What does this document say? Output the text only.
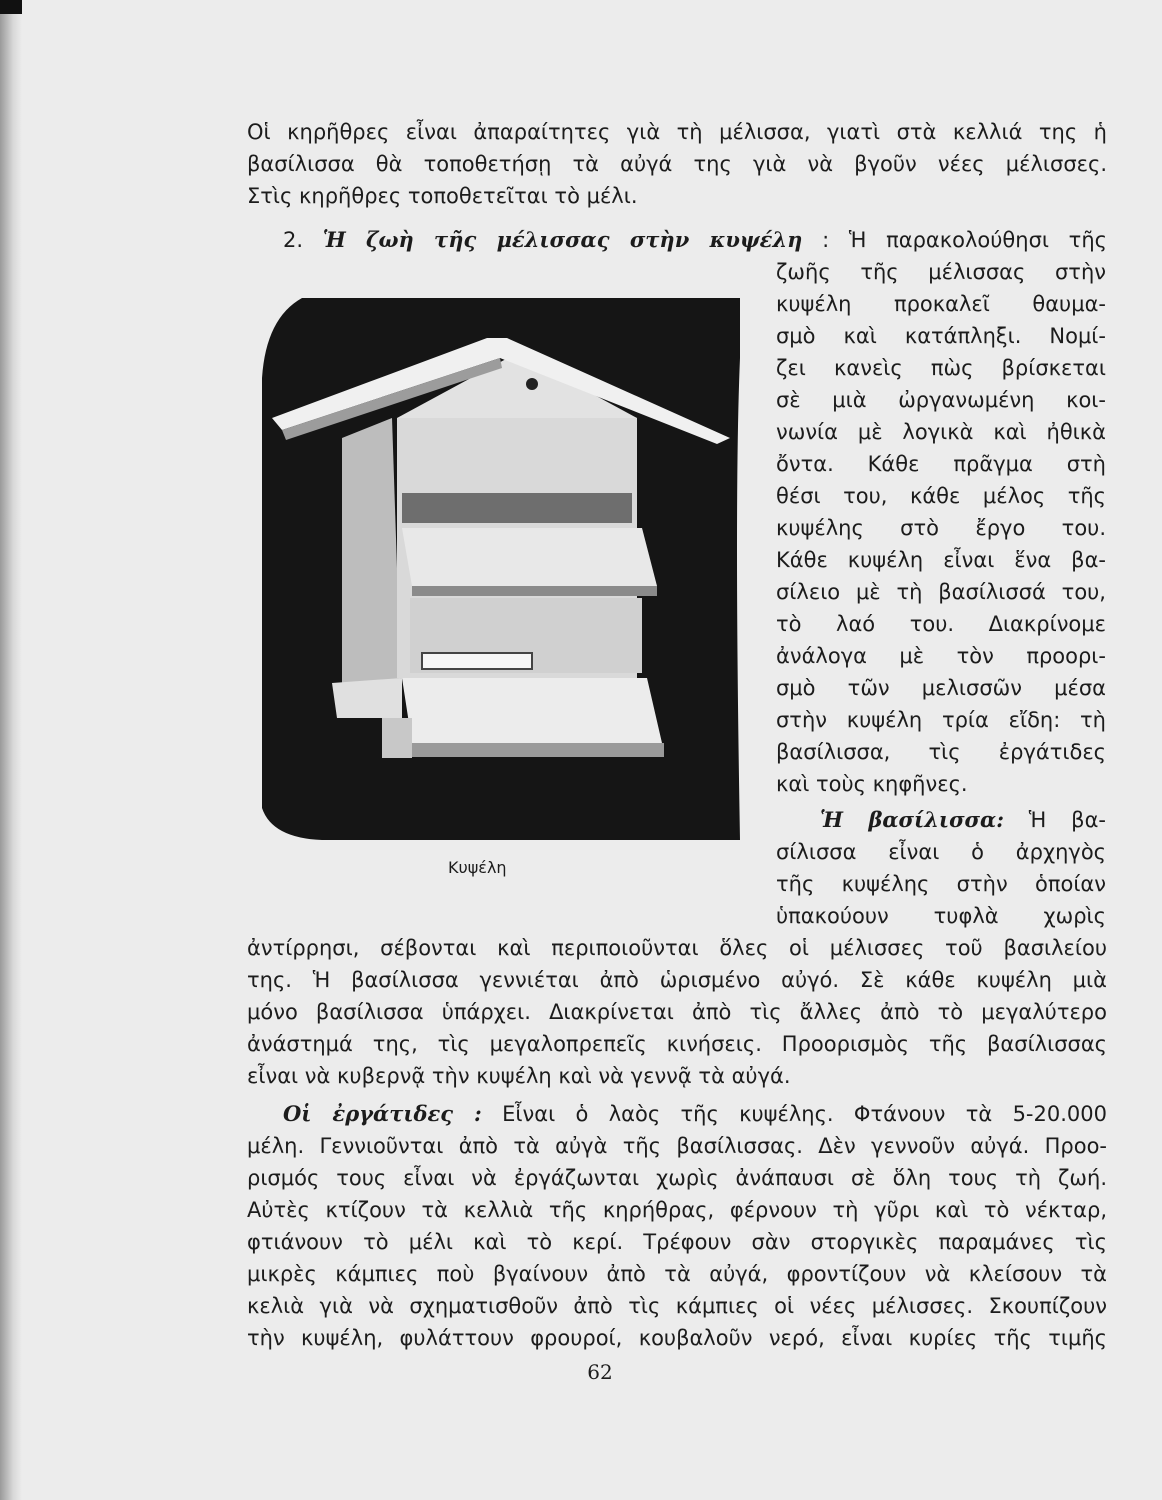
Οἱ κηρῆθρες εἶναι ἀπαραίτητες γιὰ τὴ μέλισσα, γιατὶ στὰ κελλιά της ἡ
βασίλισσα θὰ τοποθετήσῃ τὰ αὐγά της γιὰ νὰ βγοῦν νέες μέλισσες.
Στὶς κηρῆθρες τοποθετεῖται τὸ μέλι.
2. Ἡ ζωὴ τῆς μέλισσας στὴν κυψέλη : Ἡ παρακολούθησι τῆς
ζωῆς τῆς μέλισσας στὴν
κυψέλη προκαλεῖ θαυμα-
σμὸ καὶ κατάπληξι. Νομί-
ζει κανεὶς πὼς βρίσκεται
σὲ μιὰ ὠργανωμένη κοι-
νωνία μὲ λογικὰ καὶ ἠθικὰ
ὄντα. Κάθε πρᾶγμα στὴ
θέσι του, κάθε μέλος τῆς
κυψέλης στὸ ἔργο του.
Κάθε κυψέλη εἶναι ἕνα βα-
σίλειο μὲ τὴ βασίλισσά του,
τὸ λαό του. Διακρίνομε
ἀνάλογα μὲ τὸν προορι-
σμὸ τῶν μελισσῶν μέσα
στὴν κυψέλη τρία εἴδη: τὴ
βασίλισσα, τὶς ἐργάτιδες
καὶ τοὺς κηφῆνες.
Ἡ βασίλισσα: Ἡ βα-
σίλισσα εἶναι ὁ ἀρχηγὸς
τῆς κυψέλης στὴν ὁποίαν
ὑπακούουν τυφλὰ χωρὶς
ἀντίρρησι, σέβονται καὶ περιποιοῦνται ὅλες οἱ μέλισσες τοῦ βασιλείου
της. Ἡ βασίλισσα γεννιέται ἀπὸ ὡρισμένο αὐγό. Σὲ κάθε κυψέλη μιὰ
μόνο βασίλισσα ὑπάρχει. Διακρίνεται ἀπὸ τὶς ἄλλες ἀπὸ τὸ μεγαλύτερο
ἀνάστημά της, τὶς μεγαλοπρεπεῖς κινήσεις. Προορισμὸς τῆς βασίλισσας
εἶναι νὰ κυβερνᾷ τὴν κυψέλη καὶ νὰ γεννᾷ τὰ αὐγά.
Οἱ ἐργάτιδες : Εἶναι ὁ λαὸς τῆς κυψέλης. Φτάνουν τὰ 5-20.000
μέλη. Γεννιοῦνται ἀπὸ τὰ αὐγὰ τῆς βασίλισσας. Δὲν γεννοῦν αὐγά. Προο-
ρισμός τους εἶναι νὰ ἐργάζωνται χωρὶς ἀνάπαυσι σὲ ὅλη τους τὴ ζωή.
Αὐτὲς κτίζουν τὰ κελλιὰ τῆς κηρήθρας, φέρνουν τὴ γῦρι καὶ τὸ νέκταρ,
φτιάνουν τὸ μέλι καὶ τὸ κερί. Τρέφουν σὰν στοργικὲς παραμάνες τὶς
μικρὲς κάμπιες ποὺ βγαίνουν ἀπὸ τὰ αὐγά, φροντίζουν νὰ κλείσουν τὰ
κελιὰ γιὰ νὰ σχηματισθοῦν ἀπὸ τὶς κάμπιες οἱ νέες μέλισσες. Σκουπίζουν
τὴν κυψέλη, φυλάττουν φρουροί, κουβαλοῦν νερό, εἶναι κυρίες τῆς τιμῆς
Κυψέλη
62
